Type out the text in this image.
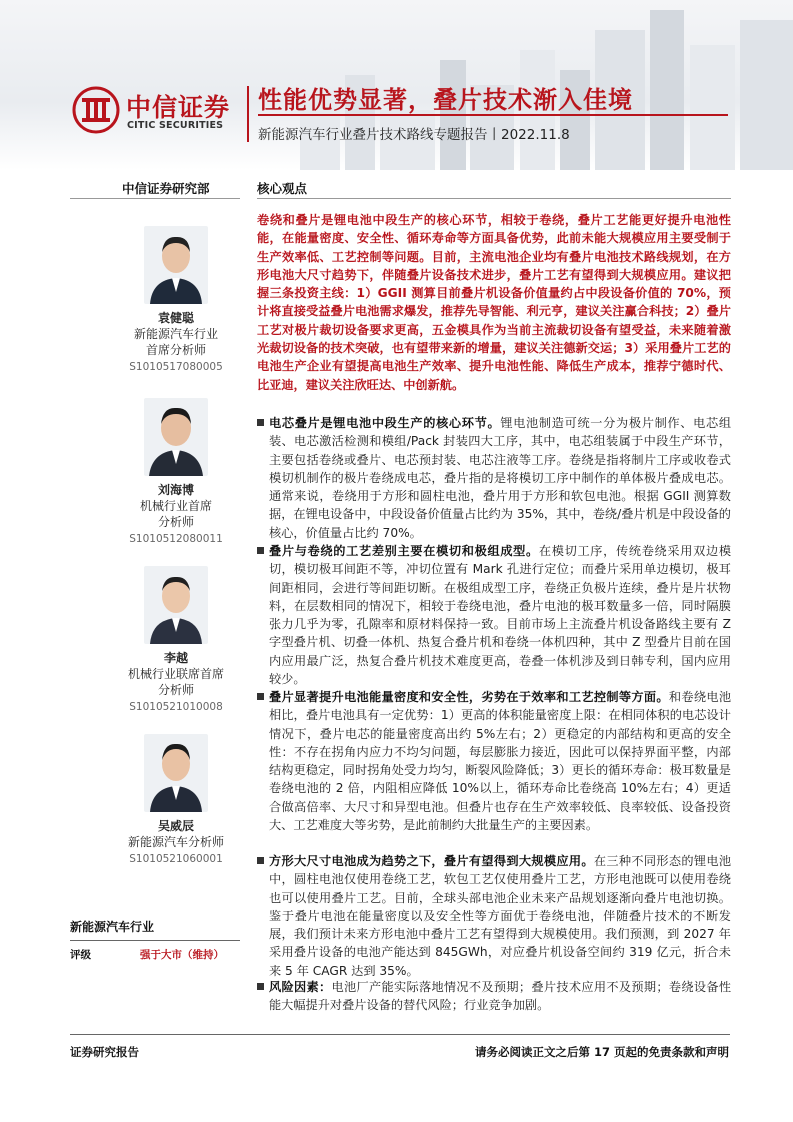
中信证券
CITIC SECURITIES
性能优势显著，叠片技术渐入佳境
新能源汽车行业叠片技术路线专题报告丨2022.11.8
中信证券研究部	核心观点
袁健聪
新能源汽车行业
首席分析师
S1010517080005
刘海博
机械行业首席
分析师
S1010512080011
李越
机械行业联席首席
分析师
S1010521010008
吴威辰
新能源汽车分析师
S1010521060001
新能源汽车行业
评级	强于大市（维持）

卷绕和叠片是锂电池中段生产的核心环节，相较于卷绕，叠片工艺能更好提升电池性能，在能量密度、安全性、循环寿命等方面具备优势，此前未能大规模应用主要受制于生产效率低、工艺控制等问题。目前，主流电池企业均有叠片电池技术路线规划，在方形电池大尺寸趋势下，伴随叠片设备技术进步，叠片工艺有望得到大规模应用。建议把握三条投资主线：1）GGII 测算目前叠片机设备价值量约占中段设备价值的 70%，预计将直接受益叠片电池需求爆发，推荐先导智能、利元亨，建议关注赢合科技；2）叠片工艺对极片裁切设备要求更高，五金模具作为当前主流裁切设备有望受益，未来随着激光裁切设备的技术突破，也有望带来新的增量，建议关注德新交运；3）采用叠片工艺的电池生产企业有望提高电池生产效率、提升电池性能、降低生产成本，推荐宁德时代、比亚迪，建议关注欣旺达、中创新航。

电芯叠片是锂电池中段生产的核心环节。锂电池制造可统一分为极片制作、电芯组装、电芯激活检测和模组/Pack 封装四大工序，其中，电芯组装属于中段生产环节，主要包括卷绕或叠片、电芯预封装、电芯注液等工序。卷绕是指将制片工序或收卷式模切机制作的极片卷绕成电芯，叠片指的是将模切工序中制作的单体极片叠成电芯。通常来说，卷绕用于方形和圆柱电池，叠片用于方形和软包电池。根据 GGII 测算数据，在锂电设备中，中段设备价值量占比约为 35%，其中，卷绕/叠片机是中段设备的核心，价值量占比约 70%。

叠片与卷绕的工艺差别主要在模切和极组成型。在模切工序，传统卷绕采用双边模切，模切极耳间距不等，冲切位置有 Mark 孔进行定位；而叠片采用单边模切，极耳间距相同，会进行等间距切断。在极组成型工序，卷绕正负极片连续，叠片是片状物料，在层数相同的情况下，相较于卷绕电池，叠片电池的极耳数量多一倍，同时隔膜张力几乎为零，孔隙率和原材料保持一致。目前市场上主流叠片机设备路线主要有 Z 字型叠片机、切叠一体机、热复合叠片机和卷绕一体机四种，其中 Z 型叠片目前在国内应用最广泛，热复合叠片机技术难度更高，卷叠一体机涉及到日韩专利，国内应用较少。

叠片显著提升电池能量密度和安全性，劣势在于效率和工艺控制等方面。和卷绕电池相比，叠片电池具有一定优势：1）更高的体积能量密度上限：在相同体积的电芯设计情况下，叠片电芯的能量密度高出约 5%左右；2）更稳定的内部结构和更高的安全性：不存在拐角内应力不均匀问题，每层膨胀力接近，因此可以保持界面平整，内部结构更稳定，同时拐角处受力均匀，断裂风险降低；3）更长的循环寿命：极耳数量是卷绕电池的 2 倍，内阻相应降低 10%以上，循环寿命比卷绕高 10%左右；4）更适合做高倍率、大尺寸和异型电池。但叠片也存在生产效率较低、良率较低、设备投资大、工艺难度大等劣势，是此前制约大批量生产的主要因素。

方形大尺寸电池成为趋势之下，叠片有望得到大规模应用。在三种不同形态的锂电池中，圆柱电池仅使用卷绕工艺，软包工艺仅使用叠片工艺，方形电池既可以使用卷绕也可以使用叠片工艺。目前，全球头部电池企业未来产品规划逐渐向叠片电池切换。鉴于叠片电池在能量密度以及安全性等方面优于卷绕电池，伴随叠片技术的不断发展，我们预计未来方形电池中叠片工艺有望得到大规模使用。我们预测，到 2027 年采用叠片设备的电池产能达到 845GWh，对应叠片机设备空间约 319 亿元，折合未来 5 年 CAGR 达到 35%。

风险因素：电池厂产能实际落地情况不及预期；叠片技术应用不及预期；卷绕设备性能大幅提升对叠片设备的替代风险；行业竞争加剧。

证券研究报告	请务必阅读正文之后第 17 页起的免责条款和声明
